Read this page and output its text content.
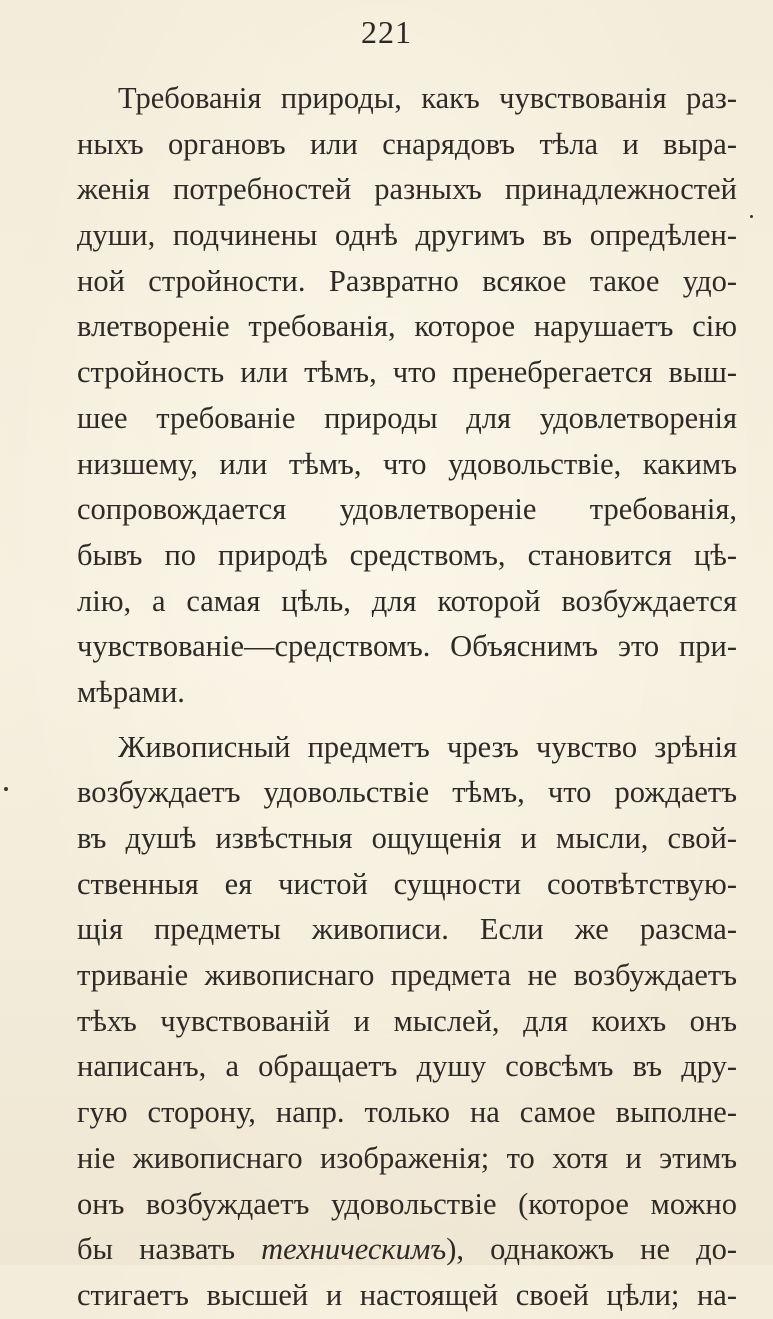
221
Требованія природы, какъ чувствованія раз-
ныхъ органовъ или снарядовъ тѣла и выра-
женія потребностей разныхъ принадлежностей
души, подчинены однѣ другимъ въ опредѣлен-
ной стройности. Развратно всякое такое удо-
влетвореніе требованія, которое нарушаетъ сію
стройность или тѣмъ, что пренебрегается выш-
шее требованіе природы для удовлетворенія
низшему, или тѣмъ, что удовольствіе, какимъ
сопровождается удовлетвореніе требованія,
бывъ по природѣ средствомъ, становится цѣ-
лію, а самая цѣль, для которой возбуждается
чувствованіе—средствомъ. Объяснимъ это при-
мѣрами.
Живописный предметъ чрезъ чувство зрѣнія
возбуждаетъ удовольствіе тѣмъ, что рождаетъ
въ душѣ извѣстныя ощущенія и мысли, свой-
ственныя ея чистой сущности соотвѣтствую-
щія предметы живописи. Если же разсма-
триваніе живописнаго предмета не возбуждаетъ
тѣхъ чувствованій и мыслей, для коихъ онъ
написанъ, а обращаетъ душу совсѣмъ въ дру-
гую сторону, напр. только на самое выполне-
ніе живописнаго изображенія; то хотя и этимъ
онъ возбуждаетъ удовольствіе (которое можно
бы назвать техническимъ), однакожъ не до-
стигаетъ высшей и настоящей своей цѣли; на-
